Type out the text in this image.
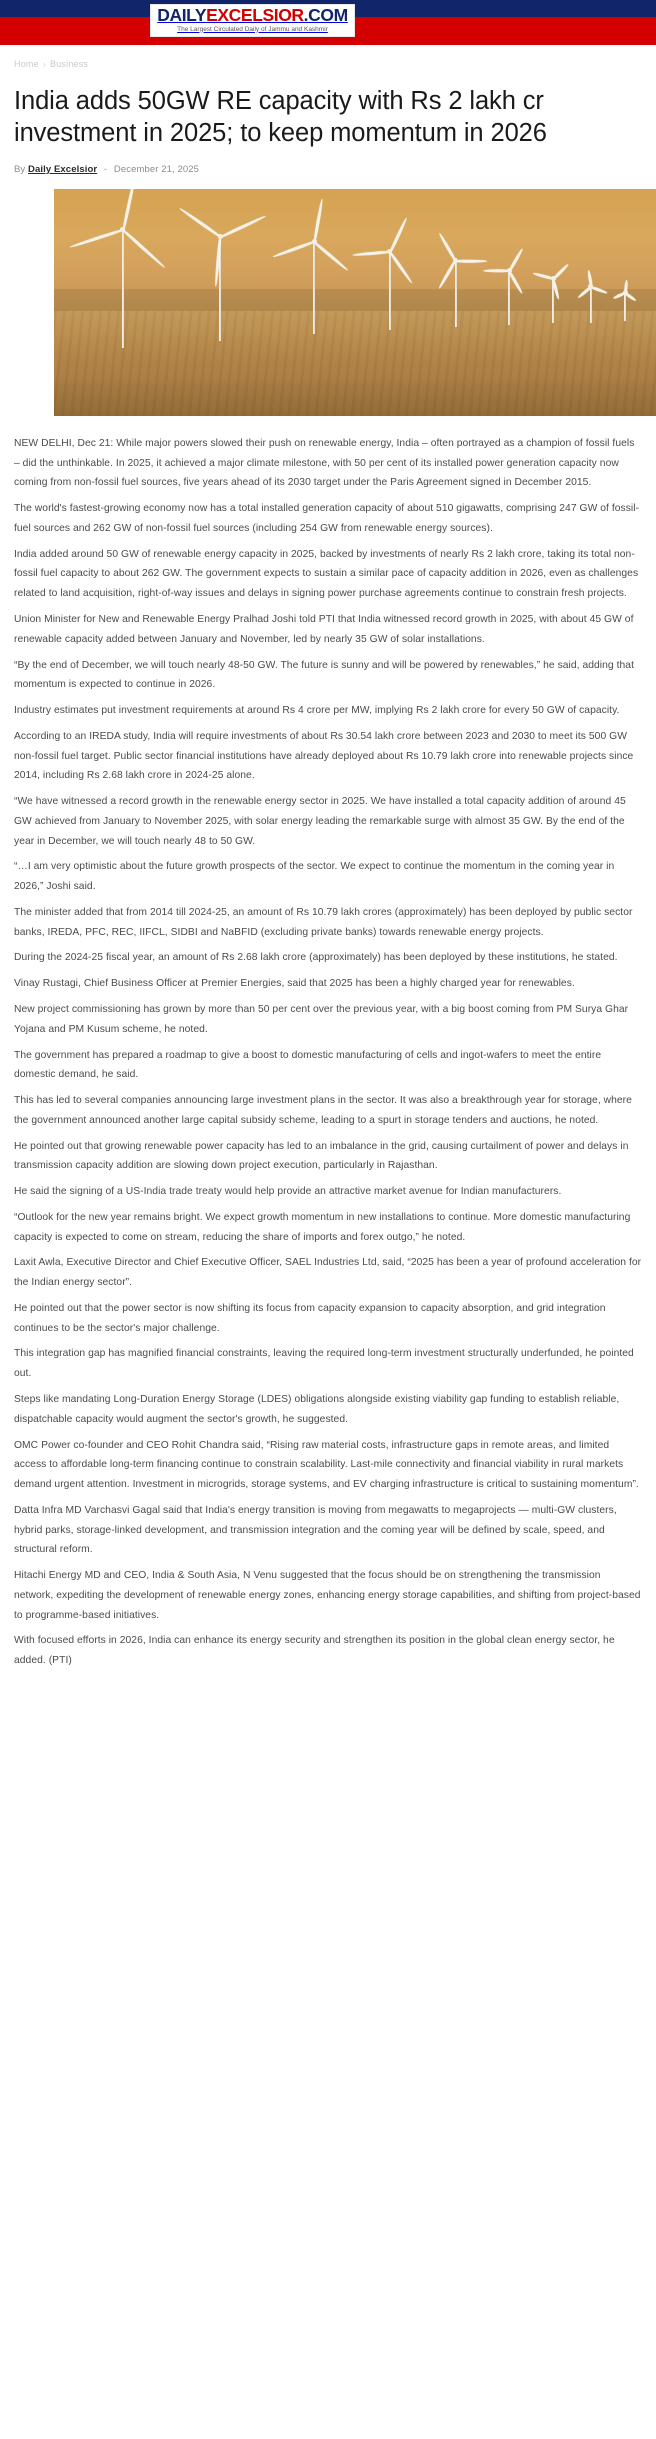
DAILYEXCELSIOR.COM
The Largest Circulated Daily of Jammu and Kashmir
Home › Business
India adds 50GW RE capacity with Rs 2 lakh cr investment in 2025; to keep momentum in 2026
By Daily Excelsior - December 21, 2025

NEW DELHI, Dec 21: While major powers slowed their push on renewable energy, India – often portrayed as a champion of fossil fuels – did the unthinkable. In 2025, it achieved a major climate milestone, with 50 per cent of its installed power generation capacity now coming from non-fossil fuel sources, five years ahead of its 2030 target under the Paris Agreement signed in December 2015.

The world's fastest-growing economy now has a total installed generation capacity of about 510 gigawatts, comprising 247 GW of fossil-fuel sources and 262 GW of non-fossil fuel sources (including 254 GW from renewable energy sources).

India added around 50 GW of renewable energy capacity in 2025, backed by investments of nearly Rs 2 lakh crore, taking its total non-fossil fuel capacity to about 262 GW. The government expects to sustain a similar pace of capacity addition in 2026, even as challenges related to land acquisition, right-of-way issues and delays in signing power purchase agreements continue to constrain fresh projects.

Union Minister for New and Renewable Energy Pralhad Joshi told PTI that India witnessed record growth in 2025, with about 45 GW of renewable capacity added between January and November, led by nearly 35 GW of solar installations.

“By the end of December, we will touch nearly 48-50 GW. The future is sunny and will be powered by renewables,” he said, adding that momentum is expected to continue in 2026.

Industry estimates put investment requirements at around Rs 4 crore per MW, implying Rs 2 lakh crore for every 50 GW of capacity.

According to an IREDA study, India will require investments of about Rs 30.54 lakh crore between 2023 and 2030 to meet its 500 GW non-fossil fuel target. Public sector financial institutions have already deployed about Rs 10.79 lakh crore into renewable projects since 2014, including Rs 2.68 lakh crore in 2024-25 alone.

“We have witnessed a record growth in the renewable energy sector in 2025. We have installed a total capacity addition of around 45 GW achieved from January to November 2025, with solar energy leading the remarkable surge with almost 35 GW. By the end of the year in December, we will touch nearly 48 to 50 GW.

“…I am very optimistic about the future growth prospects of the sector. We expect to continue the momentum in the coming year in 2026,” Joshi said.

The minister added that from 2014 till 2024-25, an amount of Rs 10.79 lakh crores (approximately) has been deployed by public sector banks, IREDA, PFC, REC, IIFCL, SIDBI and NaBFID (excluding private banks) towards renewable energy projects.

During the 2024-25 fiscal year, an amount of Rs 2.68 lakh crore (approximately) has been deployed by these institutions, he stated.

Vinay Rustagi, Chief Business Officer at Premier Energies, said that 2025 has been a highly charged year for renewables.

New project commissioning has grown by more than 50 per cent over the previous year, with a big boost coming from PM Surya Ghar Yojana and PM Kusum scheme, he noted.

The government has prepared a roadmap to give a boost to domestic manufacturing of cells and ingot-wafers to meet the entire domestic demand, he said.

This has led to several companies announcing large investment plans in the sector. It was also a breakthrough year for storage, where the government announced another large capital subsidy scheme, leading to a spurt in storage tenders and auctions, he noted.

He pointed out that growing renewable power capacity has led to an imbalance in the grid, causing curtailment of power and delays in transmission capacity addition are slowing down project execution, particularly in Rajasthan.

He said the signing of a US-India trade treaty would help provide an attractive market avenue for Indian manufacturers.

“Outlook for the new year remains bright. We expect growth momentum in new installations to continue. More domestic manufacturing capacity is expected to come on stream, reducing the share of imports and forex outgo,” he noted.

Laxit Awla, Executive Director and Chief Executive Officer, SAEL Industries Ltd, said, “2025 has been a year of profound acceleration for the Indian energy sector”.

He pointed out that the power sector is now shifting its focus from capacity expansion to capacity absorption, and grid integration continues to be the sector's major challenge.

This integration gap has magnified financial constraints, leaving the required long-term investment structurally underfunded, he pointed out.

Steps like mandating Long-Duration Energy Storage (LDES) obligations alongside existing viability gap funding to establish reliable, dispatchable capacity would augment the sector's growth, he suggested.

OMC Power co-founder and CEO Rohit Chandra said, “Rising raw material costs, infrastructure gaps in remote areas, and limited access to affordable long-term financing continue to constrain scalability. Last-mile connectivity and financial viability in rural markets demand urgent attention. Investment in microgrids, storage systems, and EV charging infrastructure is critical to sustaining momentum”.

Datta Infra MD Varchasvi Gagal said that India's energy transition is moving from megawatts to megaprojects — multi-GW clusters, hybrid parks, storage-linked development, and transmission integration and the coming year will be defined by scale, speed, and structural reform.

Hitachi Energy MD and CEO, India & South Asia, N Venu suggested that the focus should be on strengthening the transmission network, expediting the development of renewable energy zones, enhancing energy storage capabilities, and shifting from project-based to programme-based initiatives.

With focused efforts in 2026, India can enhance its energy security and strengthen its position in the global clean energy sector, he added. (PTI)
